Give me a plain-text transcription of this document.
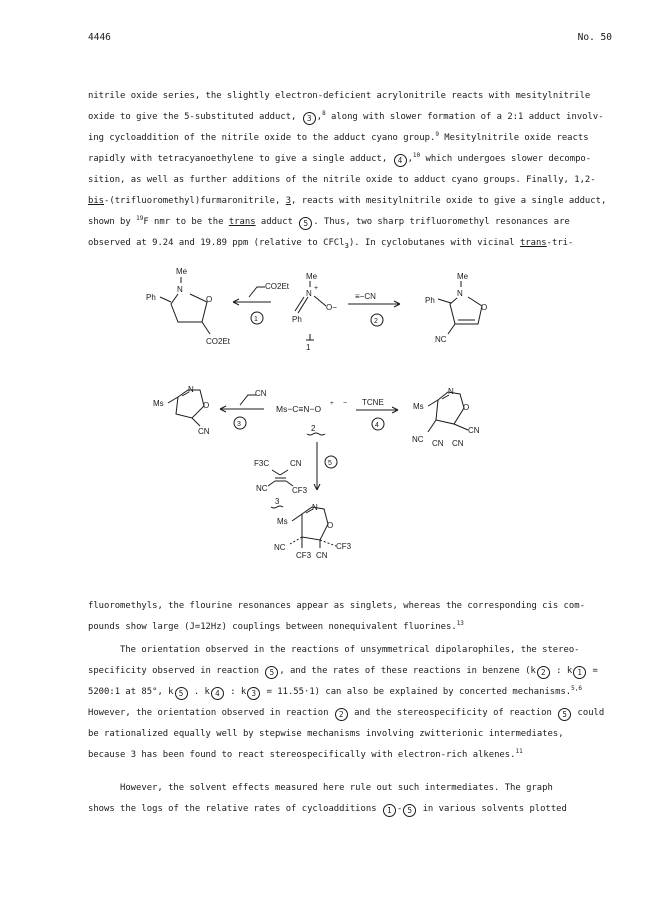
4446	No. 50
nitrile oxide series, the slightly electron-deficient acrylonitrile reacts with mesitylnitrile
oxide to give the 5-substituted adduct, 3 ,$^8$ along with slower formation of a 2:1 adduct involv-
ing cycloaddition of the nitrile oxide to the adduct cyano group.$^9$ Mesitylnitrile oxide reacts
rapidly with tetracyanoethylene to give a single adduct, 4 ,$^{10}$ which undergoes slower decompo-
sition, as well as further additions of the nitrile oxide to adduct cyano groups. Finally, 1,2-
bis-(trifluoromethyl)furmaronitrile, 3, reacts with mesitylnitrile oxide to give a single adduct,
shown by $^{19}$F nmr to be the trans adduct 5 . Thus, two sharp trifluoromethyl resonances are
observed at 9.24 and 19.89 ppm (relative to CFCl$_3$). In cyclobutanes with vicinal trans-tri-
Me
N
Ph	O
CO2Et
CO2Et
1
Me
N
+
O−
Ph
1
≡−CN
2
Me
N
Ph
O
NC
Ms
N
O
CN
CN
3
Ms−C≡N−O
+ −
2
TCNE
4
Ms
N
O
CN
NC CN CN
5
F3C	CN
NC	CF3
3
Ms
N
O
CF3
NC
CF3 CN
fluoromethyls, the flourine resonances appear as singlets, whereas the corresponding cis com-
pounds show large (J=12Hz) couplings between nonequivalent fluorines.$^{13}$
The orientation observed in the reactions of unsymmetrical dipolarophiles, the stereo-
specificity observed in reaction 5 , and the rates of these reactions in benzene (k 2 : k 1 =
5200:1 at 85°, k 5 . k 4 : k 3 = 11.55·1) can also be explained by concerted mechanisms.$^{5,6}$
However, the orientation observed in reaction 2 and the stereospecificity of reaction 5 could
be rationalized equally well by stepwise mechanisms involving zwitterionic intermediates,
because 3 has been found to react stereospecifically with electron-rich alkenes.$^{11}$
However, the solvent effects measured here rule out such intermediates. The graph
shows the logs of the relative rates of cycloadditions 1 - 5 in various solvents plotted
